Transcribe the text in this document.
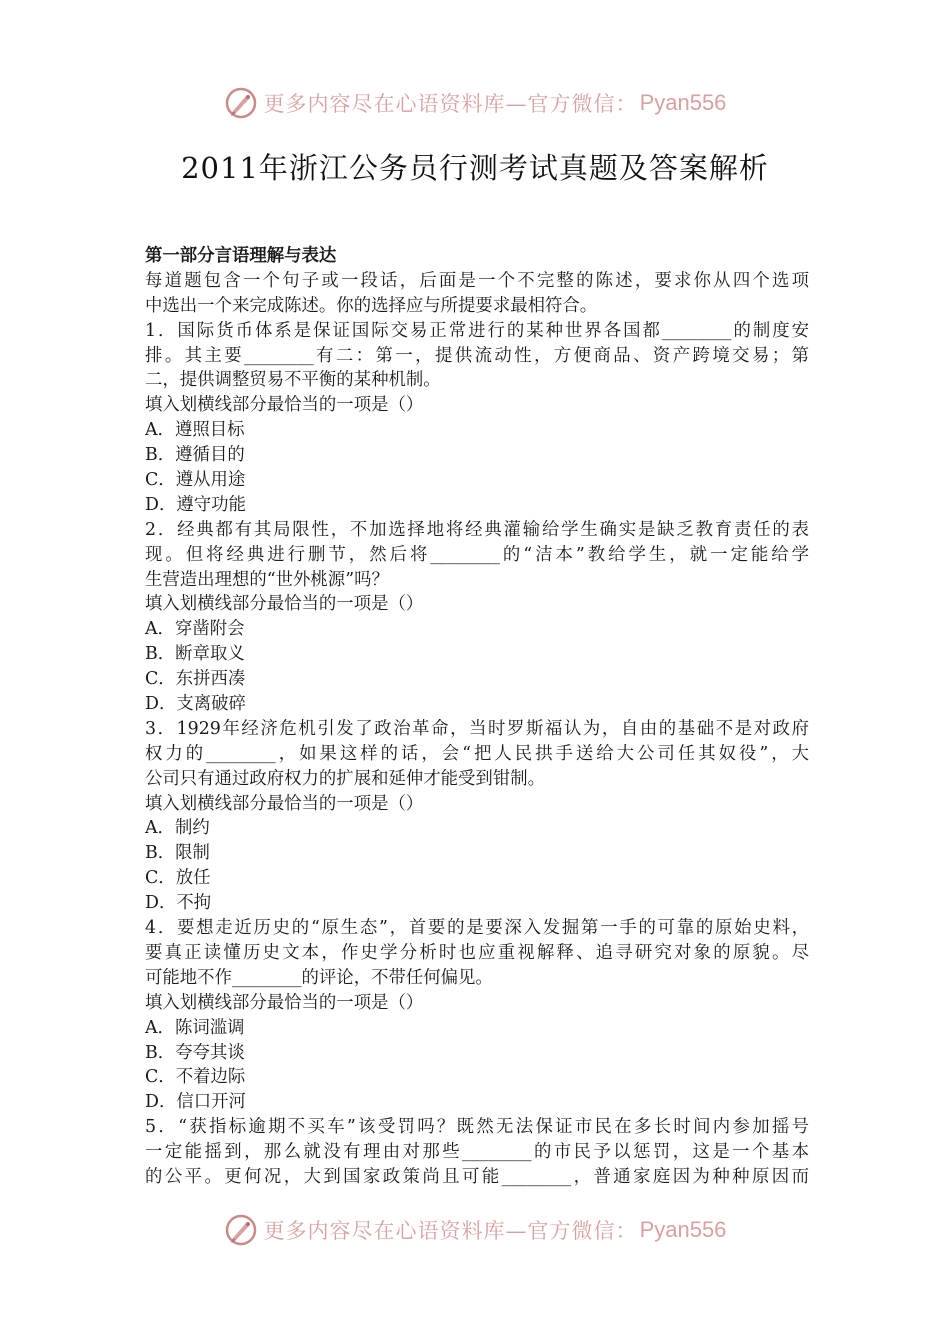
更多内容尽在心语资料库—官方微信： Pyan556
2011年浙江公务员行测考试真题及答案解析
第一部分言语理解与表达
每道题包含一个句子或一段话，后面是一个不完整的陈述，要求你从四个选项
中选出一个来完成陈述。你的选择应与所提要求最相符合。
1．国际货币体系是保证国际交易正常进行的某种世界各国都________的制度安
排。其主要________有二：第一，提供流动性，方便商品、资产跨境交易；第
二，提供调整贸易不平衡的某种机制。
填入划横线部分最恰当的一项是（）
A．遵照目标
B．遵循目的
C．遵从用途
D．遵守功能
2．经典都有其局限性，不加选择地将经典灌输给学生确实是缺乏教育责任的表
现。但将经典进行删节，然后将________的“洁本”教给学生，就一定能给学
生营造出理想的“世外桃源”吗？
填入划横线部分最恰当的一项是（）
A．穿凿附会
B．断章取义
C．东拼西凑
D．支离破碎
3．1929年经济危机引发了政治革命，当时罗斯福认为，自由的基础不是对政府
权力的________，如果这样的话，会“把人民拱手送给大公司任其奴役”，大
公司只有通过政府权力的扩展和延伸才能受到钳制。
填入划横线部分最恰当的一项是（）
A．制约
B．限制
C．放任
D．不拘
4．要想走近历史的“原生态”，首要的是要深入发掘第一手的可靠的原始史料，
要真正读懂历史文本，作史学分析时也应重视解释、追寻研究对象的原貌。尽
可能地不作________的评论，不带任何偏见。
填入划横线部分最恰当的一项是（）
A．陈词滥调
B．夸夸其谈
C．不着边际
D．信口开河
5．“获指标逾期不买车”该受罚吗？既然无法保证市民在多长时间内参加摇号
一定能摇到，那么就没有理由对那些________的市民予以惩罚，这是一个基本
的公平。更何况，大到国家政策尚且可能________，普通家庭因为种种原因而
更多内容尽在心语资料库—官方微信： Pyan556
